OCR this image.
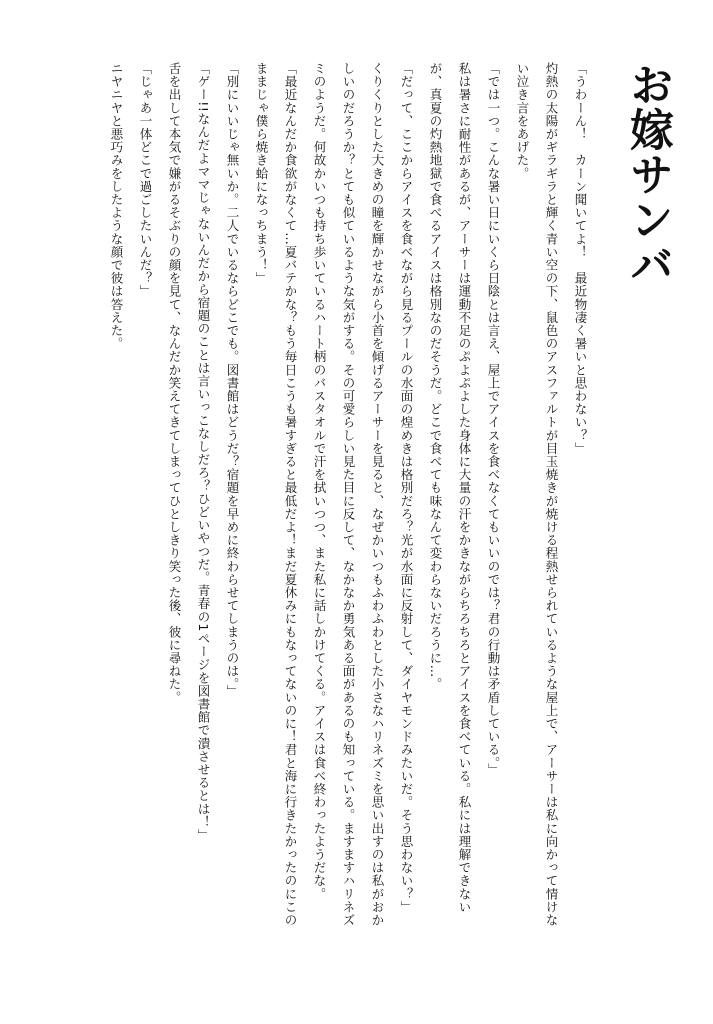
お嫁サンバ
「うわーん！　カーン聞いてよ！　最近物凄く暑いと思わない？」
灼熱の太陽がギラギラと輝く青い空の下、鼠色のアスファルトが目玉焼きが焼ける程熱せられているような屋上で、アーサーは私に向かって情けな
い泣き言をあげた。
「では一つ。こんな暑い日にいくら日陰とは言え、屋上でアイスを食べなくてもいいのでは？君の行動は矛盾している。」
私は暑さに耐性があるが、アーサーは運動不足のぷよぷよした身体に大量の汗をかきながらちろちろとアイスを食べている。私には理解できない
が、真夏の灼熱地獄で食べるアイスは格別なのだそうだ。どこで食べても味なんて変わらないだろうに…。
「だって、ここからアイスを食べながら見るプールの水面の煌めきは格別だろ？光が水面に反射して、ダイヤモンドみたいだ。そう思わない？」
くりくりとした大きめの瞳を輝かせながら小首を傾げるアーサーを見ると、なぜかいつもふわふわとした小さなハリネズミを思い出すのは私がおか
しいのだろうか？とても似ているような気がする。その可愛らしい見た目に反して、なかなか勇気ある面があるのも知っている。ますますハリネズ
ミのようだ。何故かいつも持ち歩いているハート柄のバスタオルで汗を拭いつつ、また私に話しかけてくる。アイスは食べ終わったようだな。
「最近なんだか食欲がなくて…夏バテかな？もう毎日こうも暑すぎると最低だよ！まだ夏休みにもなってないのに！君と海に行きたかったのにこの
ままじゃ僕ら焼き蛤になっちまう！」
「別にいいじゃ無いか。二人でいるならどこでも。図書館はどうだ？宿題を早めに終わらせてしまうのは。」
「ゲー!!なんだよママじゃないんだから宿題のことは言いっこなしだろ？ひどいやつだ。青春の1ページを図書館で潰させるとは！」
舌を出して本気で嫌がるそぶりの顔を見て、なんだか笑えてきてしまってひとしきり笑った後、彼に尋ねた。
「じゃあ一体どこで過ごしたいんだ？」
ニヤニヤと悪巧みをしたような顔で彼は答えた。
